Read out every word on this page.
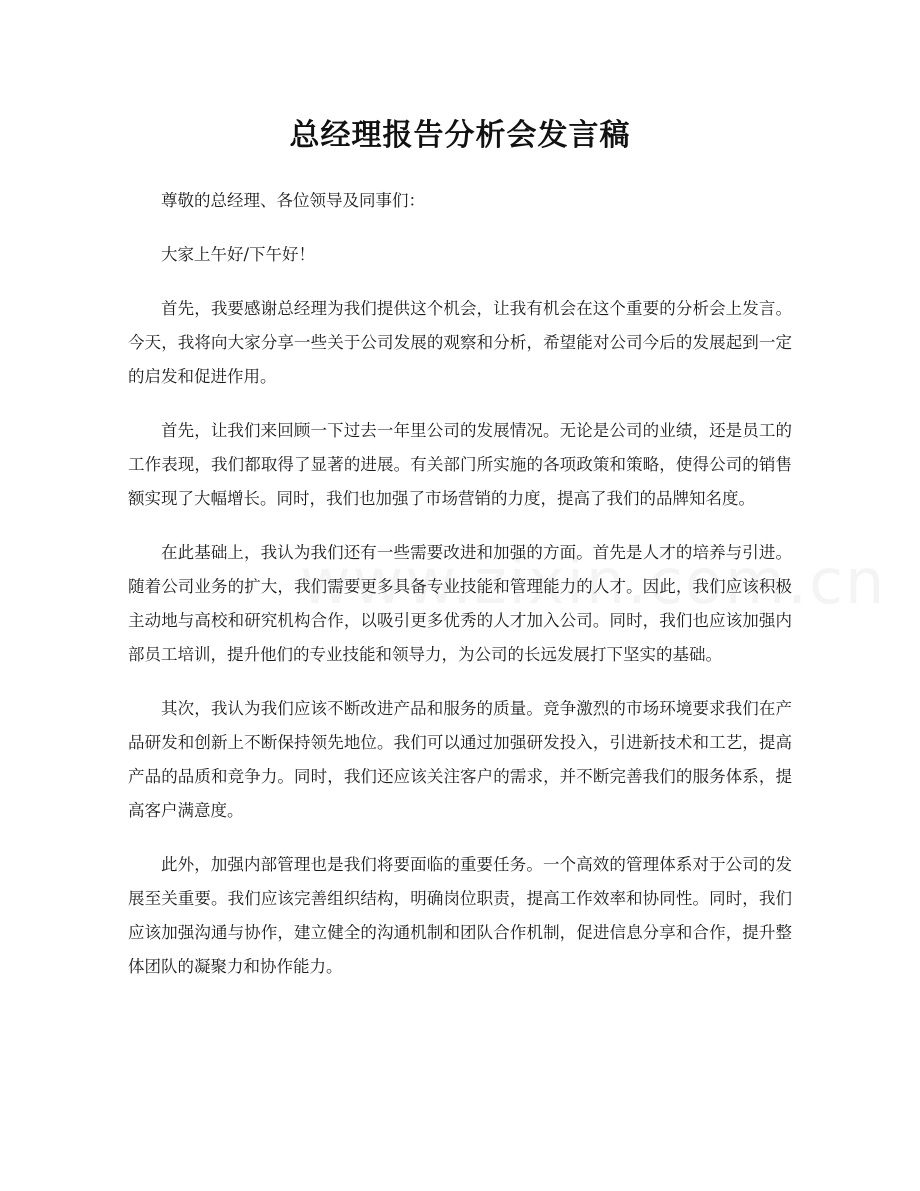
总经理报告分析会发言稿

尊敬的总经理、各位领导及同事们：

大家上午好/下午好！

首先，我要感谢总经理为我们提供这个机会，让我有机会在这个重要的分析会上发言。今天，我将向大家分享一些关于公司发展的观察和分析，希望能对公司今后的发展起到一定的启发和促进作用。

首先，让我们来回顾一下过去一年里公司的发展情况。无论是公司的业绩，还是员工的工作表现，我们都取得了显著的进展。有关部门所实施的各项政策和策略，使得公司的销售额实现了大幅增长。同时，我们也加强了市场营销的力度，提高了我们的品牌知名度。

在此基础上，我认为我们还有一些需要改进和加强的方面。首先是人才的培养与引进。随着公司业务的扩大，我们需要更多具备专业技能和管理能力的人才。因此，我们应该积极主动地与高校和研究机构合作，以吸引更多优秀的人才加入公司。同时，我们也应该加强内部员工培训，提升他们的专业技能和领导力，为公司的长远发展打下坚实的基础。

其次，我认为我们应该不断改进产品和服务的质量。竞争激烈的市场环境要求我们在产品研发和创新上不断保持领先地位。我们可以通过加强研发投入，引进新技术和工艺，提高产品的品质和竞争力。同时，我们还应该关注客户的需求，并不断完善我们的服务体系，提高客户满意度。

此外，加强内部管理也是我们将要面临的重要任务。一个高效的管理体系对于公司的发展至关重要。我们应该完善组织结构，明确岗位职责，提高工作效率和协同性。同时，我们应该加强沟通与协作，建立健全的沟通机制和团队合作机制，促进信息分享和合作，提升整体团队的凝聚力和协作能力。
